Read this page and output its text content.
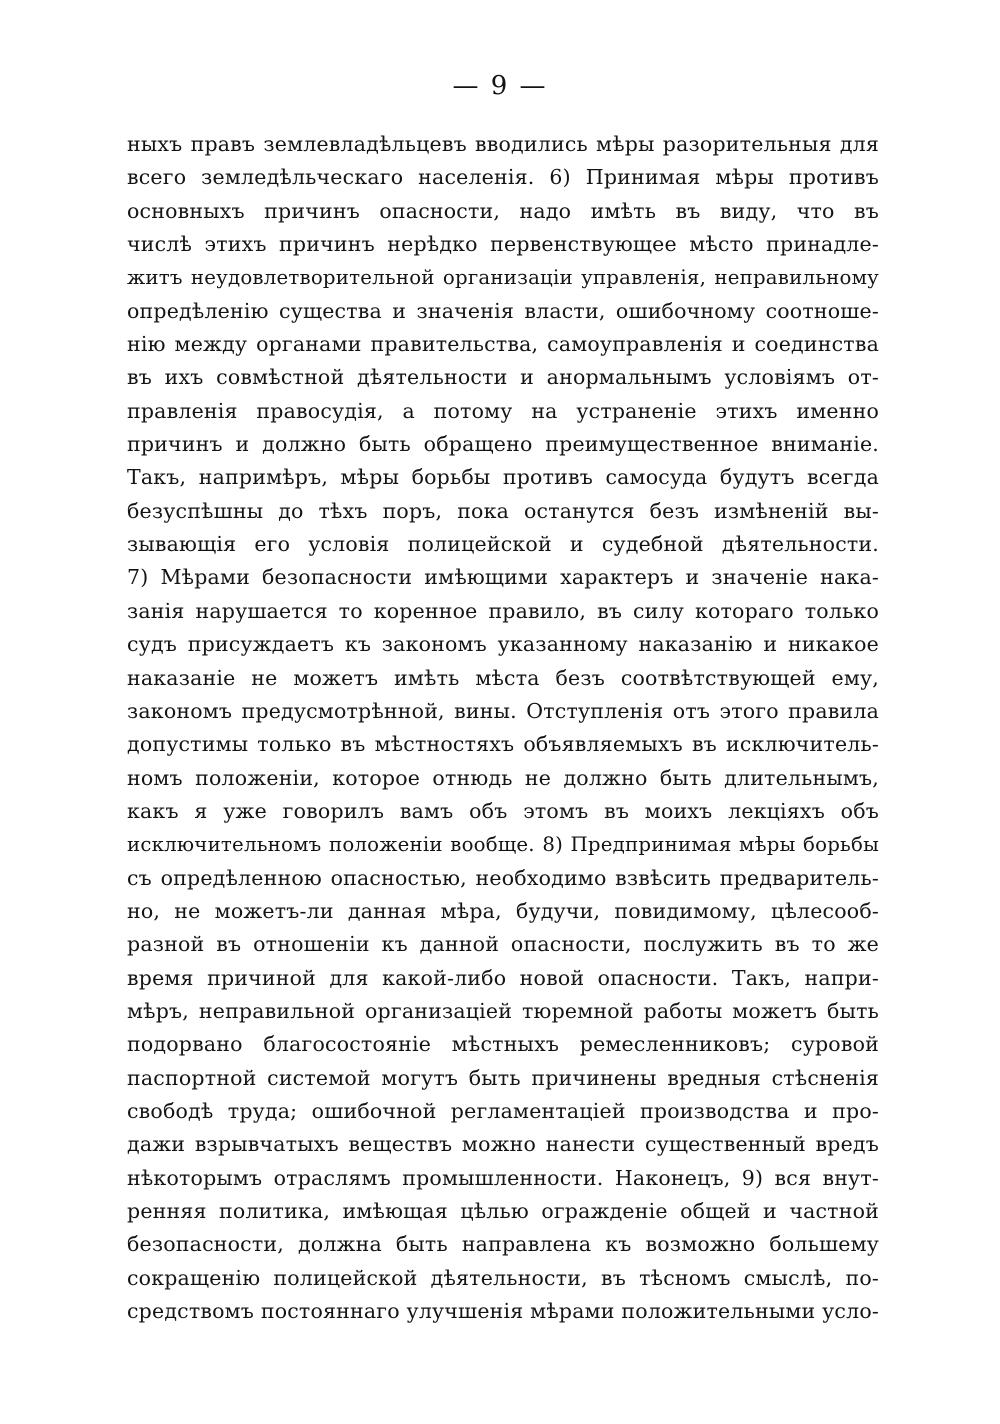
— 9 —
ныхъ правъ землевладѣльцевъ вводились мѣры разорительныя для
всего земледѣльческаго населенія. 6) Принимая мѣры противъ
основныхъ причинъ опасности, надо имѣть въ виду, что въ
числѣ этихъ причинъ нерѣдко первенствующее мѣсто принадле-
житъ неудовлетворительной организаціи управленія, неправильному
опредѣленію существа и значенія власти, ошибочному соотноше-
нію между органами правительства, самоуправленія и соединства
въ ихъ совмѣстной дѣятельности и анормальнымъ условіямъ от-
правленія правосудія, а потому на устраненіе этихъ именно
причинъ и должно быть обращено преимущественное вниманіе.
Такъ, напримѣръ, мѣры борьбы противъ самосуда будутъ всегда
безуспѣшны до тѣхъ поръ, пока останутся безъ измѣненій вы-
зывающія его условія полицейской и судебной дѣятельности.
7) Мѣрами безопасности имѣющими характеръ и значеніе нака-
занія нарушается то коренное правило, въ силу котораго только
судъ присуждаетъ къ закономъ указанному наказанію и никакое
наказаніе не можетъ имѣть мѣста безъ соотвѣтствующей ему,
закономъ предусмотрѣнной, вины. Отступленія отъ этого правила
допустимы только въ мѣстностяхъ объявляемыхъ въ исключитель-
номъ положеніи, которое отнюдь не должно быть длительнымъ,
какъ я уже говорилъ вамъ объ этомъ въ моихъ лекціяхъ объ
исключительномъ положеніи вообще. 8) Предпринимая мѣры борьбы
съ опредѣленною опасностью, необходимо взвѣсить предваритель-
но, не можетъ-ли данная мѣра, будучи, повидимому, цѣлесооб-
разной въ отношеніи къ данной опасности, послужить въ то же
время причиной для какой-либо новой опасности. Такъ, напри-
мѣръ, неправильной организаціей тюремной работы можетъ быть
подорвано благосостояніе мѣстныхъ ремесленниковъ; суровой
паспортной системой могутъ быть причинены вредныя стѣсненія
свободѣ труда; ошибочной регламентаціей производства и про-
дажи взрывчатыхъ веществъ можно нанести существенный вредъ
нѣкоторымъ отраслямъ промышленности. Наконецъ, 9) вся внут-
ренняя политика, имѣющая цѣлью огражденіе общей и частной
безопасности, должна быть направлена къ возможно большему
сокращенію полицейской дѣятельности, въ тѣсномъ смыслѣ, по-
средствомъ постояннаго улучшенія мѣрами положительными усло-
